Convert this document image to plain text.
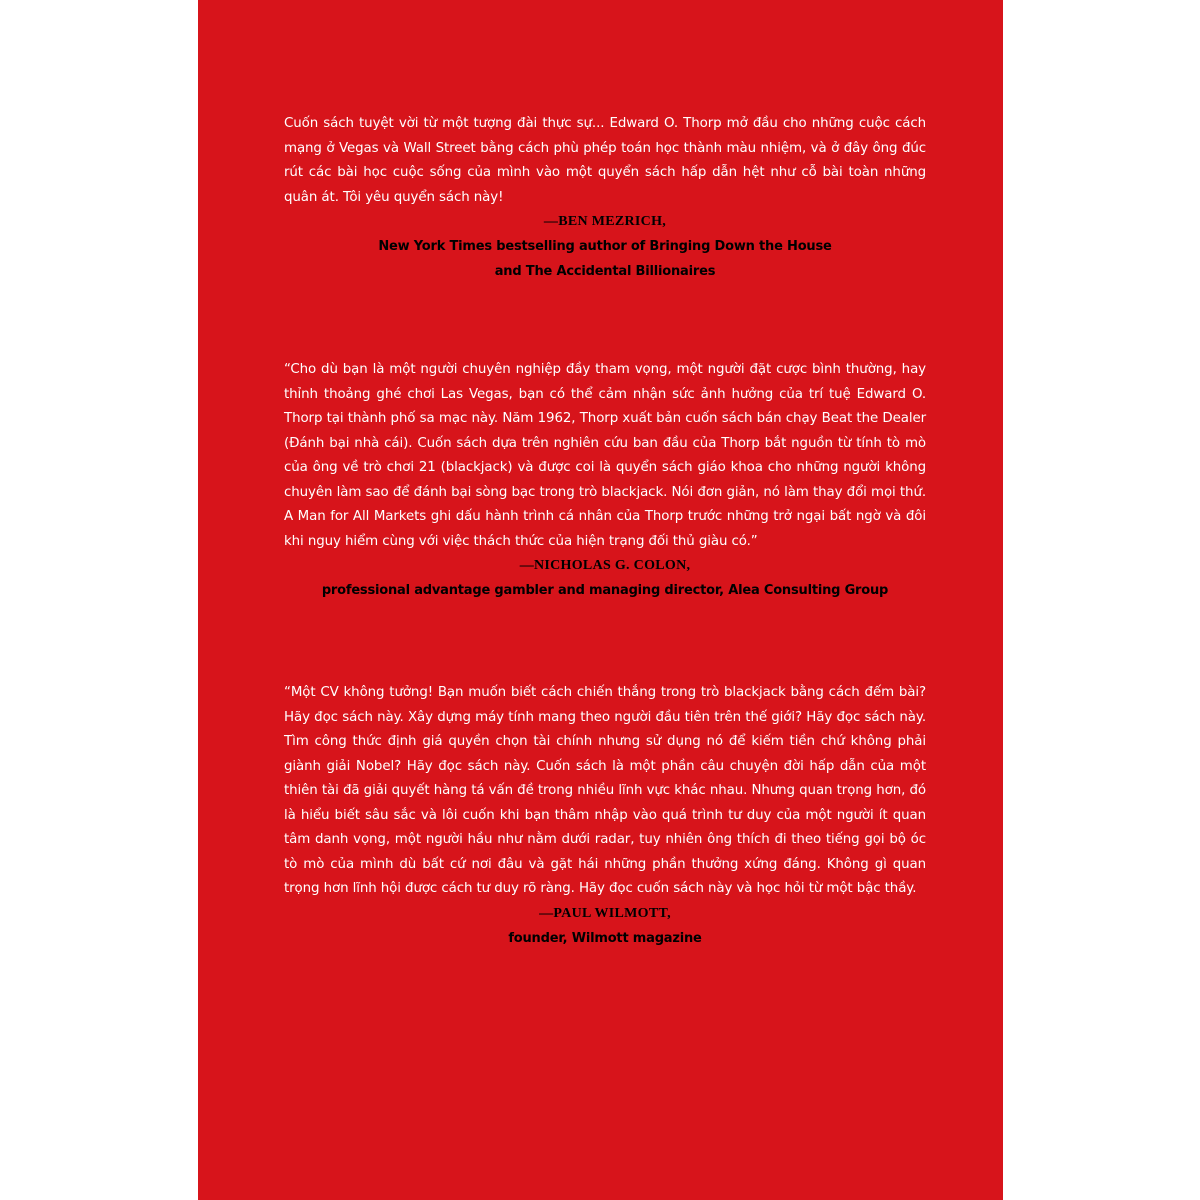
Cuốn sách tuyệt vời từ một tượng đài thực sự... Edward O. Thorp mở đầu cho những cuộc cách mạng ở Vegas và Wall Street bằng cách phù phép toán học thành màu nhiệm, và ở đây ông đúc rút các bài học cuộc sống của mình vào một quyển sách hấp dẫn hệt như cỗ bài toàn những quân át. Tôi yêu quyển sách này!

—BEN MEZRICH,

New York Times bestselling author of Bringing Down the House

and The Accidental Billionaires

“Cho dù bạn là một người chuyên nghiệp đầy tham vọng, một người đặt cược bình thường, hay thỉnh thoảng ghé chơi Las Vegas, bạn có thể cảm nhận sức ảnh hưởng của trí tuệ Edward O. Thorp tại thành phố sa mạc này. Năm 1962, Thorp xuất bản cuốn sách bán chạy Beat the Dealer (Đánh bại nhà cái). Cuốn sách dựa trên nghiên cứu ban đầu của Thorp bắt nguồn từ tính tò mò của ông về trò chơi 21 (blackjack) và được coi là quyển sách giáo khoa cho những người không chuyên làm sao để đánh bại sòng bạc trong trò blackjack. Nói đơn giản, nó làm thay đổi mọi thứ. A Man for All Markets ghi dấu hành trình cá nhân của Thorp trước những trở ngại bất ngờ và đôi khi nguy hiểm cùng với việc thách thức của hiện trạng đối thủ giàu có.”

—NICHOLAS G. COLON,

professional advantage gambler and managing director, Alea Consulting Group

“Một CV không tưởng! Bạn muốn biết cách chiến thắng trong trò blackjack bằng cách đếm bài? Hãy đọc sách này. Xây dựng máy tính mang theo người đầu tiên trên thế giới? Hãy đọc sách này. Tìm công thức định giá quyền chọn tài chính nhưng sử dụng nó để kiếm tiền chứ không phải giành giải Nobel? Hãy đọc sách này. Cuốn sách là một phần câu chuyện đời hấp dẫn của một thiên tài đã giải quyết hàng tá vấn đề trong nhiều lĩnh vực khác nhau. Nhưng quan trọng hơn, đó là hiểu biết sâu sắc và lôi cuốn khi bạn thâm nhập vào quá trình tư duy của một người ít quan tâm danh vọng, một người hầu như nằm dưới radar, tuy nhiên ông thích đi theo tiếng gọi bộ óc tò mò của mình dù bất cứ nơi đâu và gặt hái những phần thưởng xứng đáng. Không gì quan trọng hơn lĩnh hội được cách tư duy rõ ràng. Hãy đọc cuốn sách này và học hỏi từ một bậc thầy.

—PAUL WILMOTT,

founder, Wilmott magazine
